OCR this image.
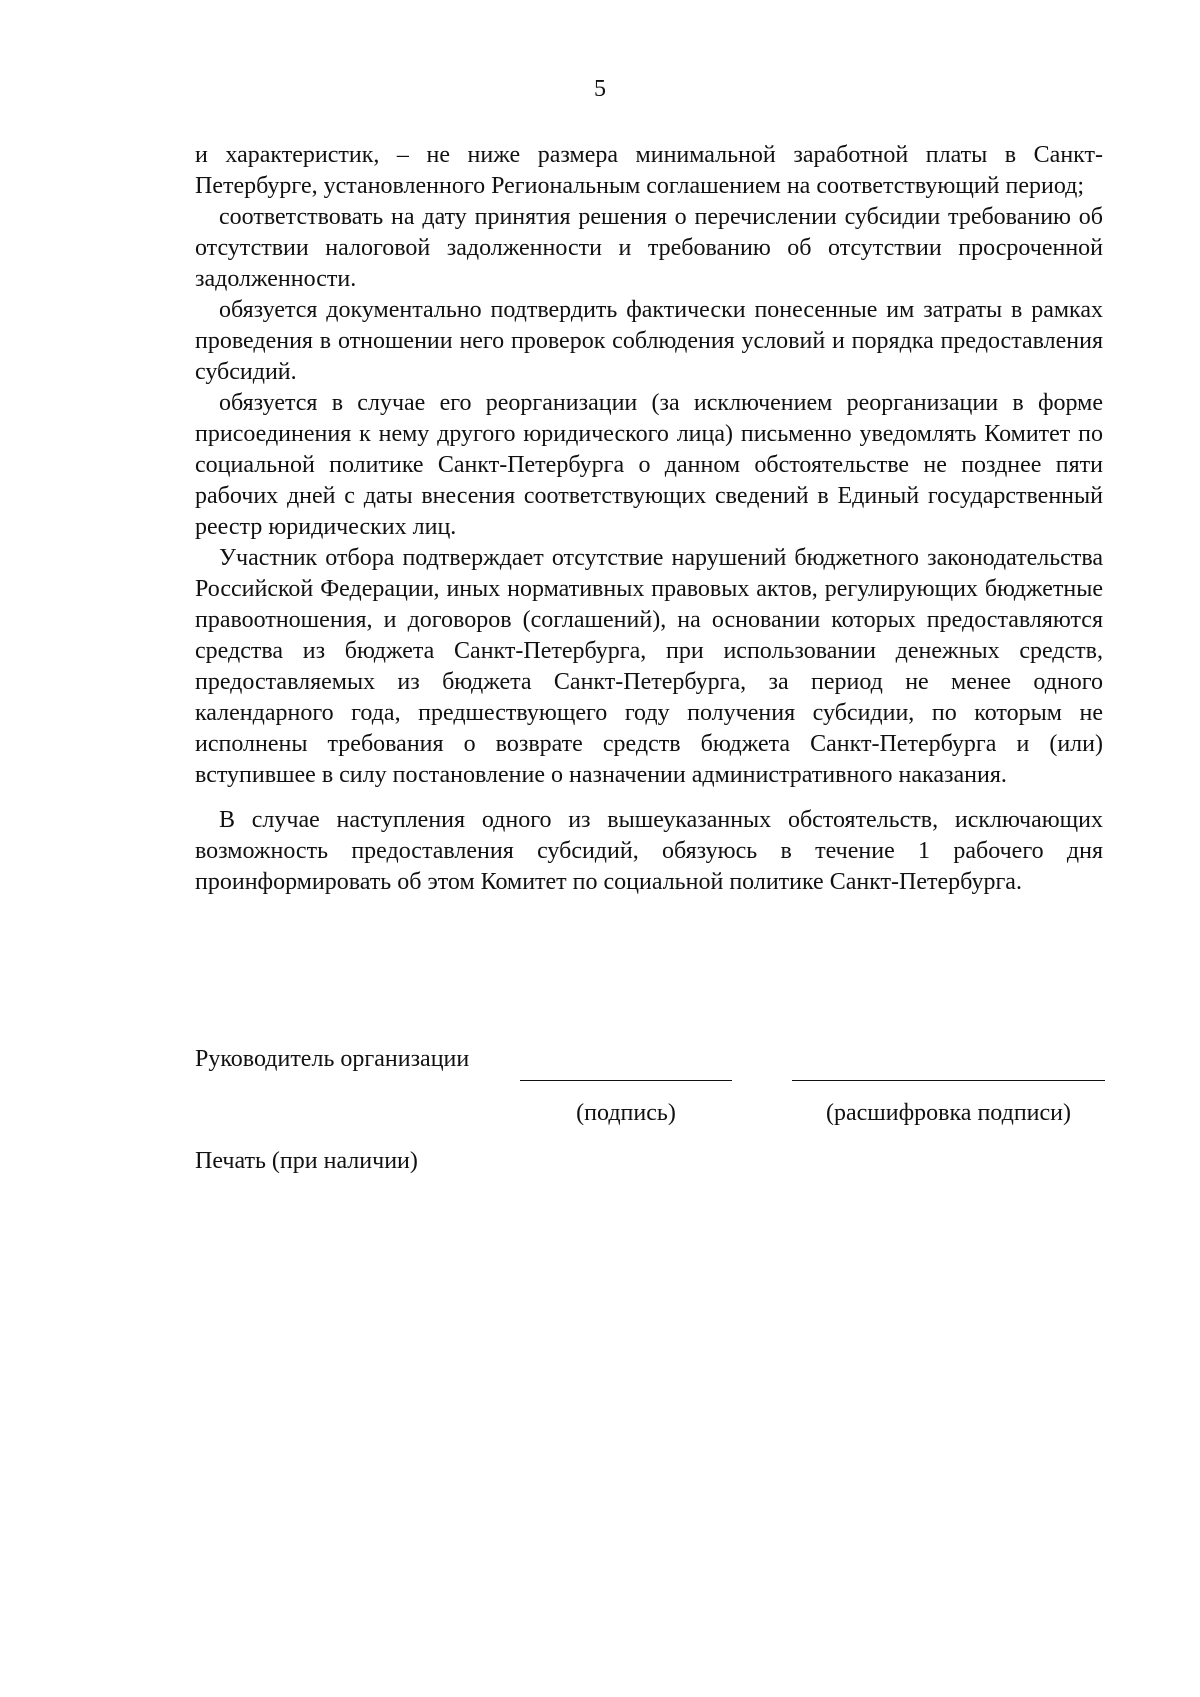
5

и характеристик, – не ниже размера минимальной заработной платы в Санкт-Петербурге, установленного Региональным соглашением на соответствующий период;

соответствовать на дату принятия решения о перечислении субсидии требованию об отсутствии налоговой задолженности и требованию об отсутствии просроченной задолженности.

обязуется документально подтвердить фактически понесенные им затраты в рамках проведения в отношении него проверок соблюдения условий и порядка предоставления субсидий.

обязуется в случае его реорганизации (за исключением реорганизации в форме присоединения к нему другого юридического лица) письменно уведомлять Комитет по социальной политике Санкт-Петербурга о данном обстоятельстве не позднее пяти рабочих дней с даты внесения соответствующих сведений в Единый государственный реестр юридических лиц.

Участник отбора подтверждает отсутствие нарушений бюджетного законодательства Российской Федерации, иных нормативных правовых актов, регулирующих бюджетные правоотношения, и договоров (соглашений), на основании которых предоставляются средства из бюджета Санкт-Петербурга, при использовании денежных средств, предоставляемых из бюджета Санкт-Петербурга, за период не менее одного календарного года, предшествующего году получения субсидии, по которым не исполнены требования о возврате средств бюджета Санкт-Петербурга и (или) вступившее в силу постановление о назначении административного наказания.

В случае наступления одного из вышеуказанных обстоятельств, исключающих возможность предоставления субсидий, обязуюсь в течение 1 рабочего дня проинформировать об этом Комитет по социальной политике Санкт-Петербурга.

Руководитель организации
(подпись)	(расшифровка подписи)
Печать (при наличии)
